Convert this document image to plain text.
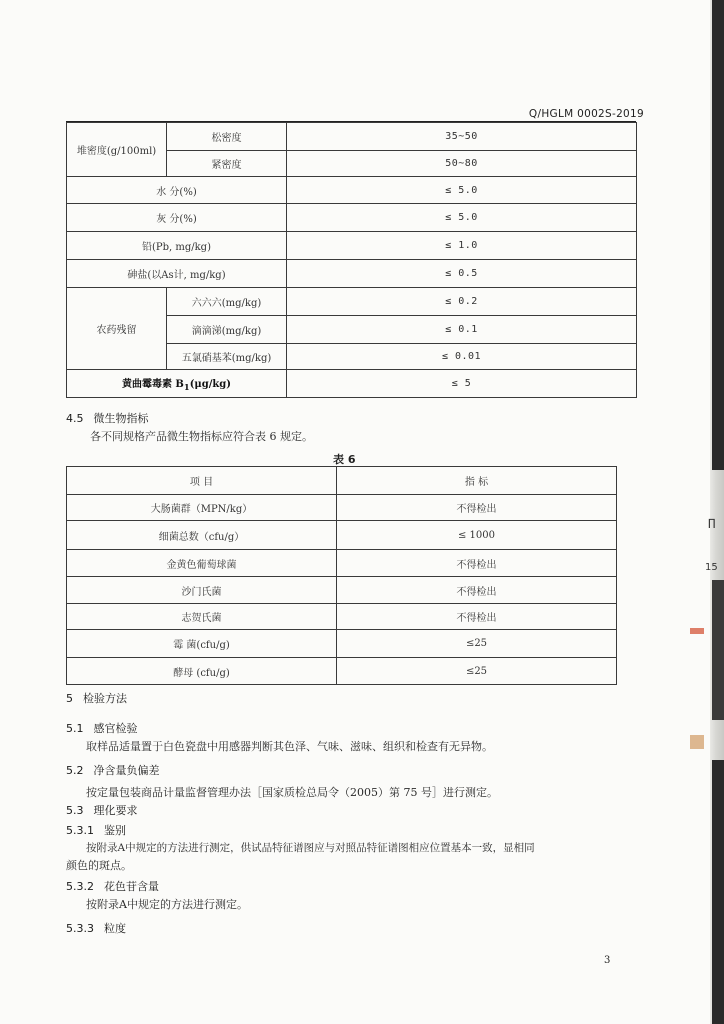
∏
15
Q/HGLM 0002S-2019
堆密度(g/100ml)	松密度	35~50
	紧密度	50~80
水 分(%)		≤ 5.0
灰 分(%)		≤ 5.0
铅(Pb, mg/kg)		≤ 1.0
砷盐(以As计, mg/kg)		≤ 0.5
农药残留	六六六(mg/kg)	≤ 0.2
	滴滴涕(mg/kg)	≤ 0.1
	五氯硝基苯(mg/kg)	≤ 0.01
黄曲霉毒素 $B_1(\mu g/kg)$		≤ 5
4.5 微生物指标
各不同规格产品微生物指标应符合表 6 规定。
表 6
项 目	指 标
大肠菌群（MPN/kg）	不得检出
细菌总数（cfu/g）	≤ 1000
金黄色葡萄球菌	不得检出
沙门氏菌	不得检出
志贺氏菌	不得检出
霉 菌(cfu/g)	≤25
酵母 (cfu/g)	≤25
5 检验方法
5.1 感官检验
取样品适量置于白色瓷盘中用感器判断其色泽、气味、滋味、组织和检查有无异物。
5.2 净含量负偏差
按定量包装商品计量监督管理办法［国家质检总局令（2005）第 75 号］进行测定。
5.3 理化要求
5.3.1 鉴别
按附录A中规定的方法进行测定，供试品特征谱图应与对照品特征谱图相应位置基本一致，显相同
颜色的斑点。
5.3.2 花色苷含量
按附录A中规定的方法进行测定。
5.3.3 粒度
3
